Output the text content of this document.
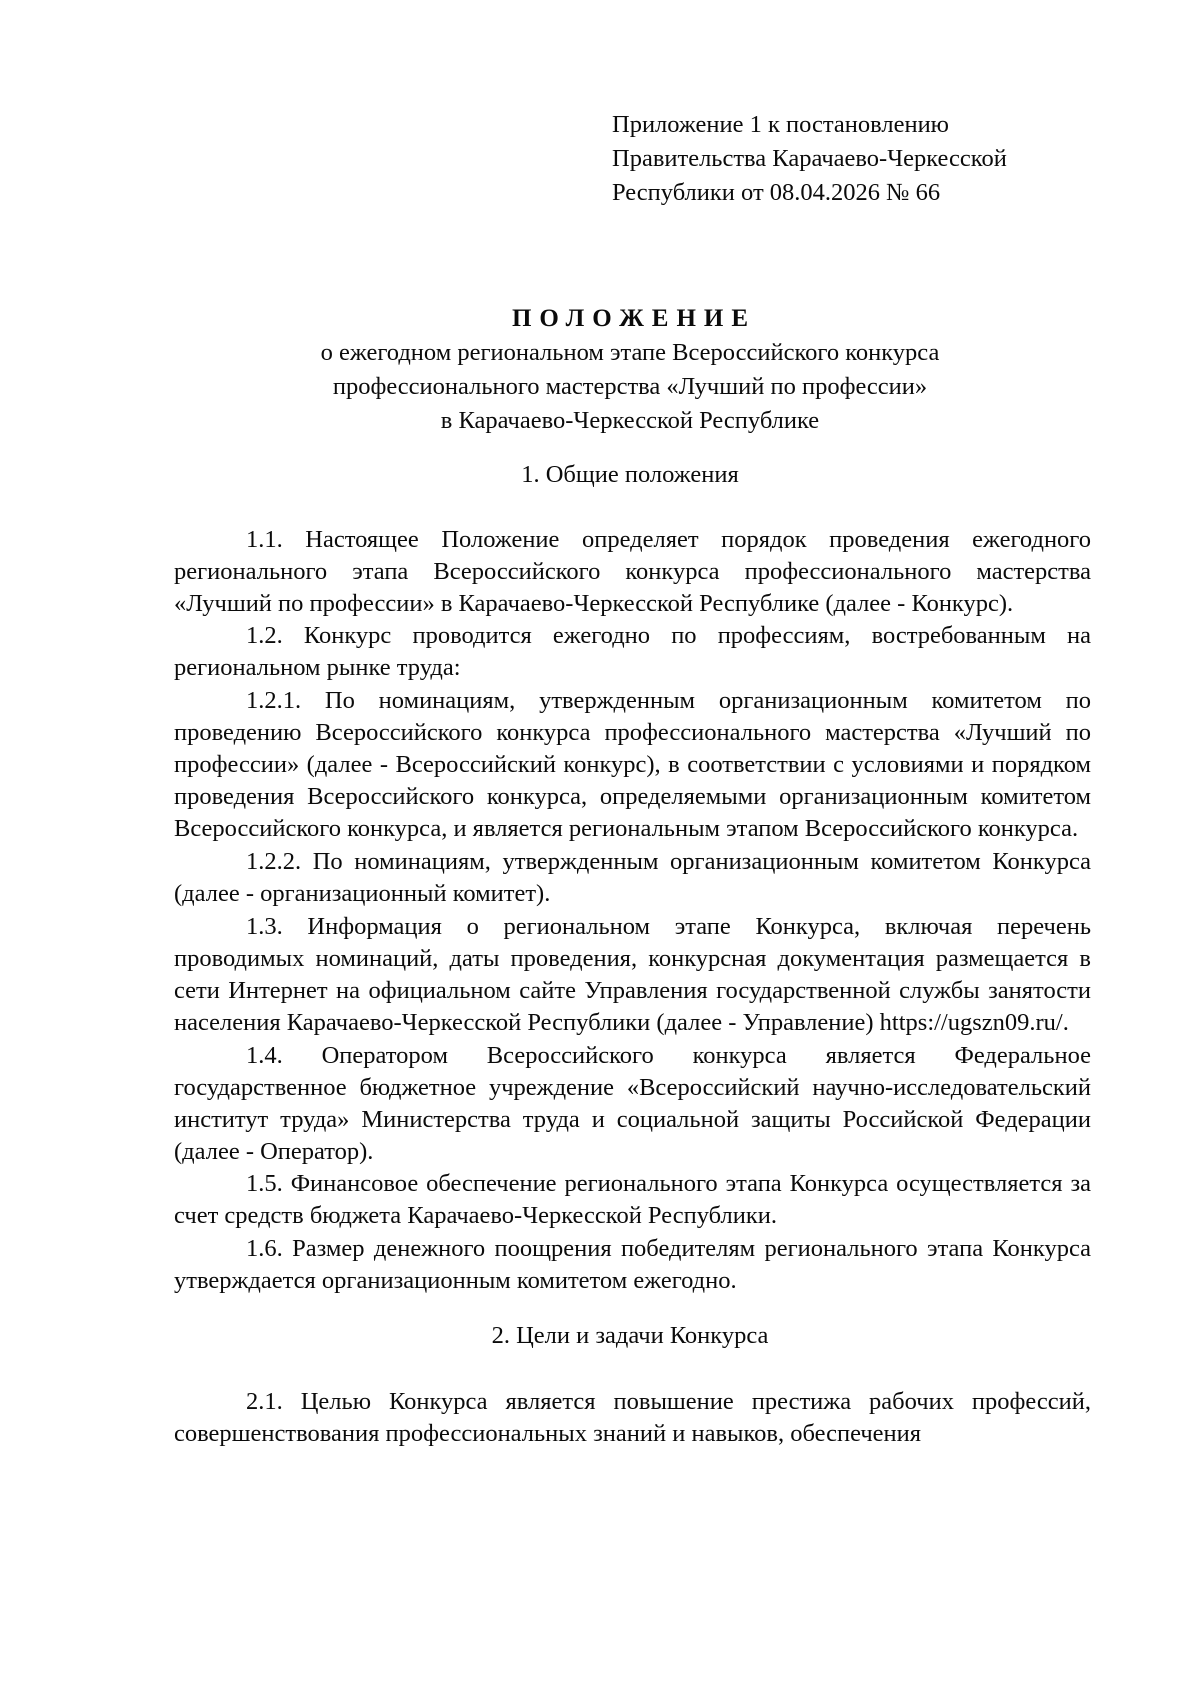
Приложение 1 к постановлению
Правительства Карачаево-Черкесской
Республики от 08.04.2026 № 66
ПОЛОЖЕНИЕ
о ежегодном региональном этапе Всероссийского конкурса
профессионального мастерства «Лучший по профессии»
в Карачаево-Черкесской Республике
1. Общие положения

1.1. Настоящее Положение определяет порядок проведения ежегодного регионального этапа Всероссийского конкурса профессионального мастерства «Лучший по профессии» в Карачаево-Черкесской Республике (далее - Конкурс).

1.2. Конкурс проводится ежегодно по профессиям, востребованным на региональном рынке труда:

1.2.1. По номинациям, утвержденным организационным комитетом по проведению Всероссийского конкурса профессионального мастерства «Лучший по профессии» (далее - Всероссийский конкурс), в соответствии с условиями и порядком проведения Всероссийского конкурса, определяемыми организационным комитетом Всероссийского конкурса, и является региональным этапом Всероссийского конкурса.

1.2.2. По номинациям, утвержденным организационным комитетом Конкурса (далее - организационный комитет).

1.3. Информация о региональном этапе Конкурса, включая перечень проводимых номинаций, даты проведения, конкурсная документация размещается в сети Интернет на официальном сайте Управления государственной службы занятости населения Карачаево-Черкесской Республики (далее - Управление) https://ugszn09.ru/.

1.4. Оператором Всероссийского конкурса является Федеральное государственное бюджетное учреждение «Всероссийский научно-исследовательский институт труда» Министерства труда и социальной защиты Российской Федерации (далее - Оператор).

1.5. Финансовое обеспечение регионального этапа Конкурса осуществляется за счет средств бюджета Карачаево-Черкесской Республики.

1.6. Размер денежного поощрения победителям регионального этапа Конкурса утверждается организационным комитетом ежегодно.

2. Цели и задачи Конкурса

2.1. Целью Конкурса является повышение престижа рабочих профессий, совершенствования профессиональных знаний и навыков, обеспечения
